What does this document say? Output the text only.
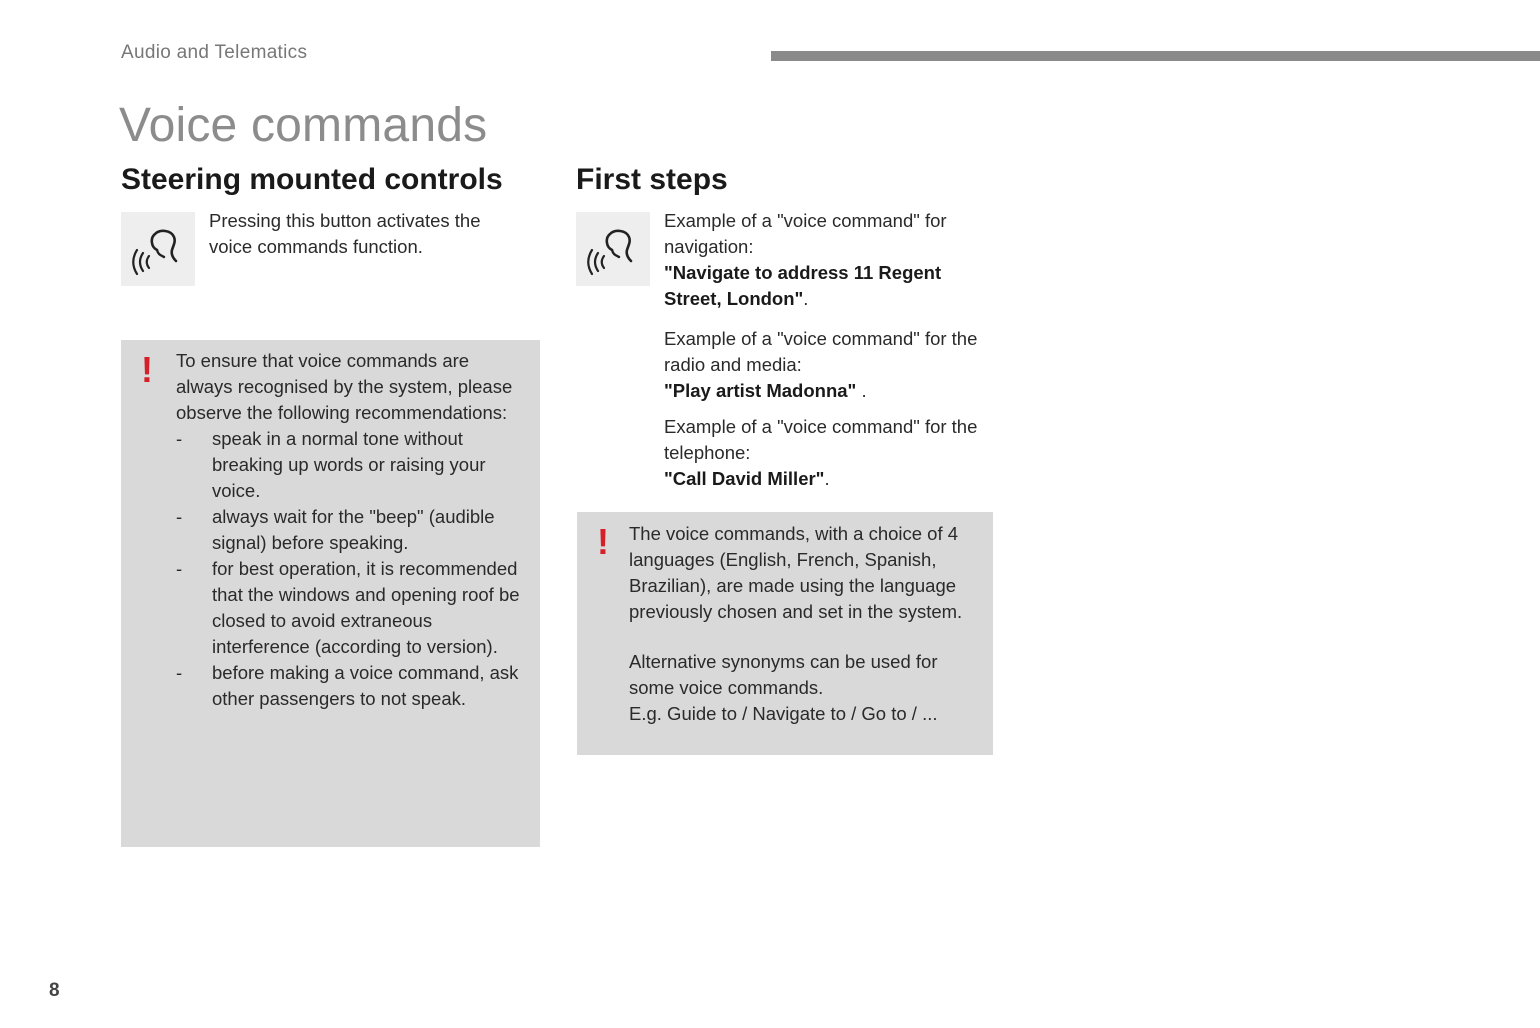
Audio and Telematics
Voice commands
Steering mounted controls

Pressing this button activates the voice commands function.

! To ensure that voice commands are always recognised by the system, please observe the following recommendations:

- speak in a normal tone without breaking up words or raising your voice.
- always wait for the "beep" (audible signal) before speaking.
- for best operation, it is recommended that the windows and opening roof be closed to avoid extraneous interference (according to version).
- before making a voice command, ask other passengers to not speak.
First steps

Example of a "voice command" for navigation:
"Navigate to address 11 Regent Street, London".

Example of a "voice command" for the radio and media:
"Play artist Madonna" .

Example of a "voice command" for the telephone:
"Call David Miller".

! The voice commands, with a choice of 4 languages (English, French, Spanish, Brazilian), are made using the language previously chosen and set in the system.

Alternative synonyms can be used for some voice commands.
E.g. Guide to / Navigate to / Go to / ...

8
